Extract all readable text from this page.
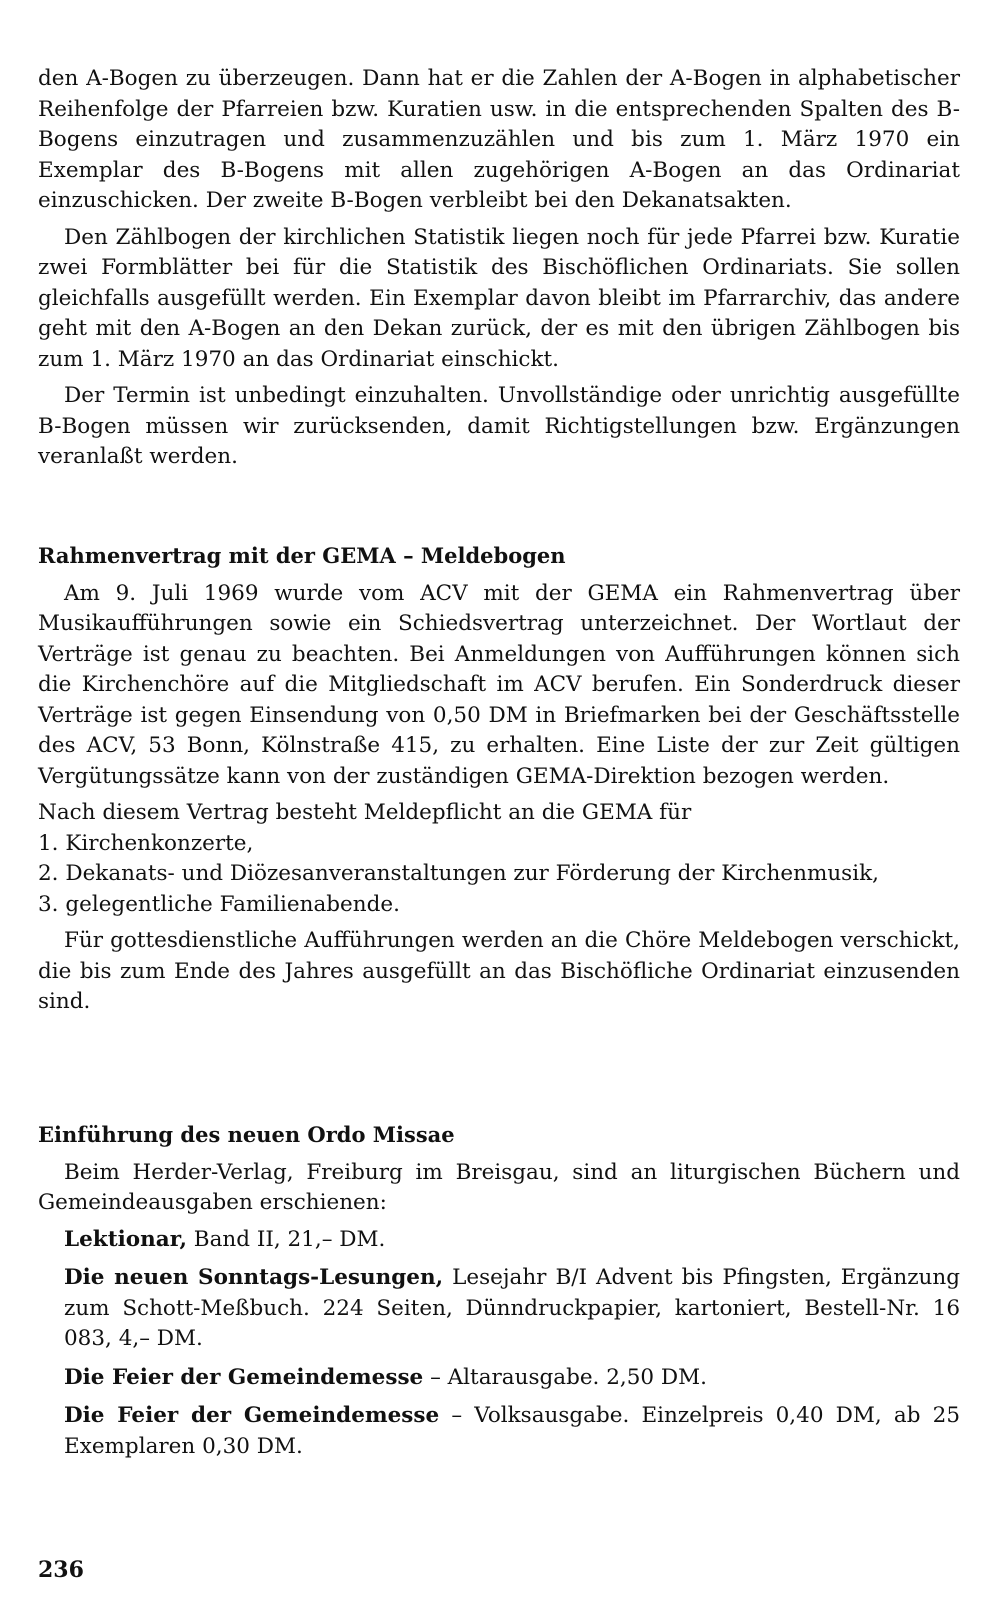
den A-Bogen zu überzeugen. Dann hat er die Zahlen der A-Bogen in alphabetischer Reihenfolge der Pfarreien bzw. Kuratien usw. in die entsprechenden Spalten des B-Bogens einzutragen und zusammenzuzählen und bis zum 1. März 1970 ein Exemplar des B-Bogens mit allen zugehörigen A-Bogen an das Ordinariat einzuschicken. Der zweite B-Bogen verbleibt bei den Dekanatsakten.

Den Zählbogen der kirchlichen Statistik liegen noch für jede Pfarrei bzw. Kuratie zwei Formblätter bei für die Statistik des Bischöflichen Ordinariats. Sie sollen gleichfalls ausgefüllt werden. Ein Exemplar davon bleibt im Pfarrarchiv, das andere geht mit den A-Bogen an den Dekan zurück, der es mit den übrigen Zählbogen bis zum 1. März 1970 an das Ordinariat einschickt.

Der Termin ist unbedingt einzuhalten. Unvollständige oder unrichtig ausgefüllte B-Bogen müssen wir zurücksenden, damit Richtigstellungen bzw. Ergänzungen veranlaßt werden.

Rahmenvertrag mit der GEMA – Meldebogen

Am 9. Juli 1969 wurde vom ACV mit der GEMA ein Rahmenvertrag über Musikaufführungen sowie ein Schiedsvertrag unterzeichnet. Der Wortlaut der Verträge ist genau zu beachten. Bei Anmeldungen von Aufführungen können sich die Kirchenchöre auf die Mitgliedschaft im ACV berufen. Ein Sonderdruck dieser Verträge ist gegen Einsendung von 0,50 DM in Briefmarken bei der Geschäftsstelle des ACV, 53 Bonn, Kölnstraße 415, zu erhalten. Eine Liste der zur Zeit gültigen Vergütungssätze kann von der zuständigen GEMA-Direktion bezogen werden.

Nach diesem Vertrag besteht Meldepflicht an die GEMA für

1. Kirchenkonzerte,
2. Dekanats- und Diözesanveranstaltungen zur Förderung der Kirchenmusik,
3. gelegentliche Familienabende.

Für gottesdienstliche Aufführungen werden an die Chöre Meldebogen verschickt, die bis zum Ende des Jahres ausgefüllt an das Bischöfliche Ordinariat einzusenden sind.

Einführung des neuen Ordo Missae

Beim Herder-Verlag, Freiburg im Breisgau, sind an liturgischen Büchern und Gemeindeausgaben erschienen:

Lektionar, Band II, 21,– DM.

Die neuen Sonntags-Lesungen, Lesejahr B/I Advent bis Pfingsten, Ergänzung zum Schott-Meßbuch. 224 Seiten, Dünndruckpapier, kartoniert, Bestell-Nr. 16 083, 4,– DM.

Die Feier der Gemeindemesse – Altarausgabe. 2,50 DM.

Die Feier der Gemeindemesse – Volksausgabe. Einzelpreis 0,40 DM, ab 25 Exemplaren 0,30 DM.

236
